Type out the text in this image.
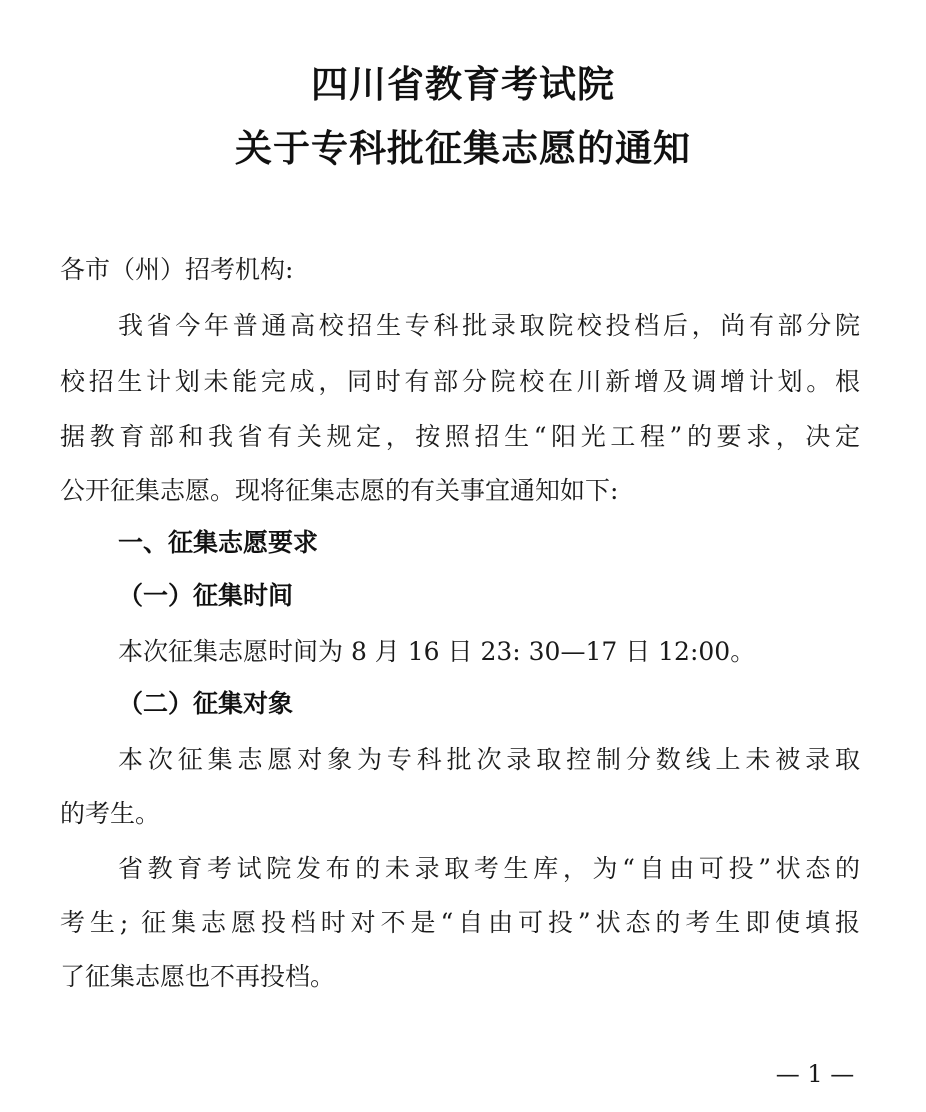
四川省教育考试院
关于专科批征集志愿的通知
各市（州）招考机构:
我省今年普通高校招生专科批录取院校投档后，尚有部分院
校招生计划未能完成，同时有部分院校在川新增及调增计划。根
据教育部和我省有关规定，按照招生“阳光工程”的要求，决定
公开征集志愿。现将征集志愿的有关事宜通知如下:
一、征集志愿要求
（一）征集时间
本次征集志愿时间为 8 月 16 日 23: 30—17 日 12:00。
（二）征集对象
本次征集志愿对象为专科批次录取控制分数线上未被录取
的考生。
省教育考试院发布的未录取考生库，为“自由可投”状态的
考生; 征集志愿投档时对不是“自由可投”状态的考生即使填报
了征集志愿也不再投档。
— 1 —
